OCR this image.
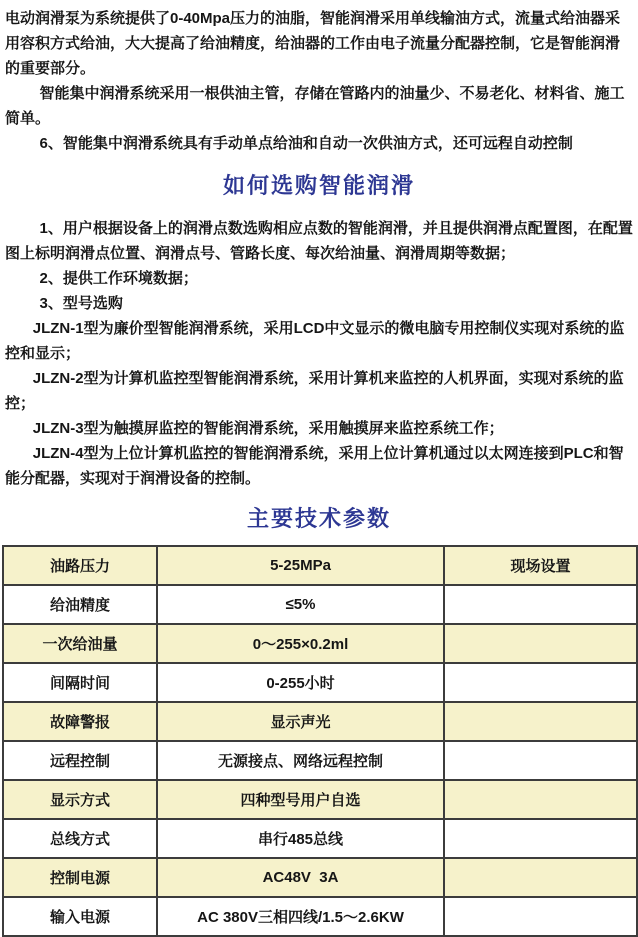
电动润滑泵为系统提供了0-40Mpa压力的油脂，智能润滑采用单线输油方式，流量式给油器采用容积方式给油，大大提高了给油精度，给油器的工作由电子流量分配器控制，它是智能润滑的重要部分。

智能集中润滑系统采用一根供油主管，存储在管路内的油量少、不易老化、材料省、施工简单。

6、智能集中润滑系统具有手动单点给油和自动一次供油方式，还可远程自动控制

如何选购智能润滑

1、用户根据设备上的润滑点数选购相应点数的智能润滑，并且提供润滑点配置图，在配置图上标明润滑点位置、润滑点号、管路长度、每次给油量、润滑周期等数据；

2、提供工作环境数据；

3、型号选购

JLZN-1型为廉价型智能润滑系统，采用LCD中文显示的微电脑专用控制仪实现对系统的监控和显示；

JLZN-2型为计算机监控型智能润滑系统，采用计算机来监控的人机界面，实现对系统的监控；

JLZN-3型为触摸屏监控的智能润滑系统，采用触摸屏来监控系统工作；

JLZN-4型为上位计算机监控的智能润滑系统，采用上位计算机通过以太网连接到PLC和智能分配器，实现对于润滑设备的控制。

主要技术参数
油路压力	5-25MPa	现场设置
给油精度	≤5%	
一次给油量	0～255×0.2ml	
间隔时间	0-255小时	
故障警报	显示声光	
远程控制	无源接点、网络远程控制	
显示方式	四种型号用户自选	
总线方式	串行485总线	
控制电源	AC48V  3A	
输入电源	AC 380V三相四线/1.5～2.6KW	
